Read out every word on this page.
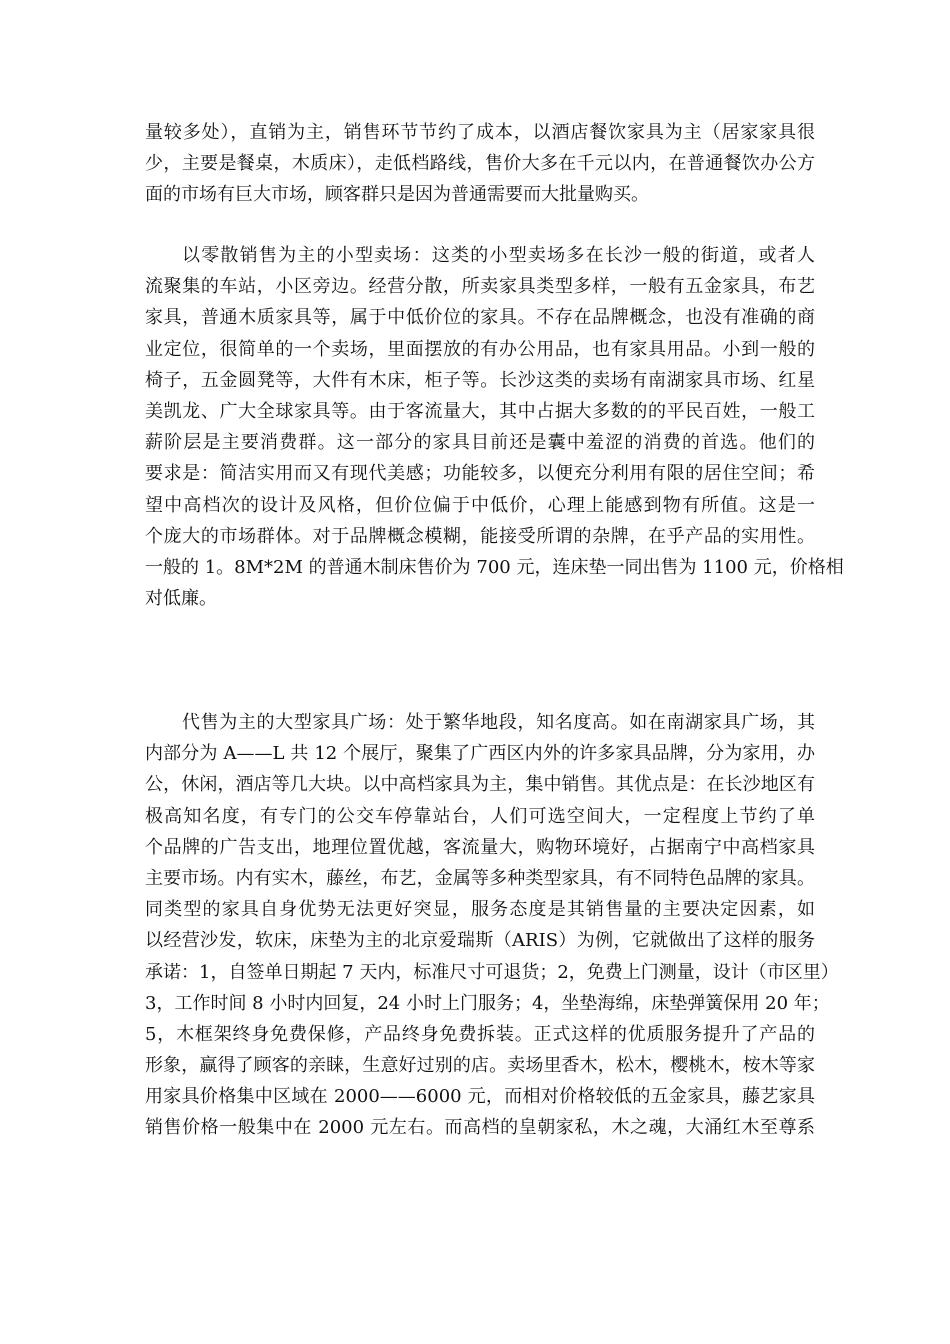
量较多处），直销为主，销售环节节约了成本，以酒店餐饮家具为主（居家家具很
少，主要是餐桌，木质床），走低档路线，售价大多在千元以内，在普通餐饮办公方
面的市场有巨大市场，顾客群只是因为普通需要而大批量购买。
以零散销售为主的小型卖场：这类的小型卖场多在长沙一般的街道，或者人
流聚集的车站，小区旁边。经营分散，所卖家具类型多样，一般有五金家具，布艺
家具，普通木质家具等，属于中低价位的家具。不存在品牌概念，也没有准确的商
业定位，很简单的一个卖场，里面摆放的有办公用品，也有家具用品。小到一般的
椅子，五金圆凳等，大件有木床，柜子等。长沙这类的卖场有南湖家具市场、红星
美凯龙、广大全球家具等。由于客流量大，其中占据大多数的的平民百姓，一般工
薪阶层是主要消费群。这一部分的家具目前还是囊中羞涩的消费的首选。他们的
要求是：简洁实用而又有现代美感；功能较多，以便充分利用有限的居住空间；希
望中高档次的设计及风格，但价位偏于中低价，心理上能感到物有所值。这是一
个庞大的市场群体。对于品牌概念模糊，能接受所谓的杂牌，在乎产品的实用性。
一般的 1。8M*2M 的普通木制床售价为 700 元，连床垫一同出售为 1100 元，价格相
对低廉。
代售为主的大型家具广场：处于繁华地段，知名度高。如在南湖家具广场，其
内部分为 A——L 共 12 个展厅，聚集了广西区内外的许多家具品牌，分为家用，办
公，休闲，酒店等几大块。以中高档家具为主，集中销售。其优点是：在长沙地区有
极高知名度，有专门的公交车停靠站台，人们可选空间大，一定程度上节约了单
个品牌的广告支出，地理位置优越，客流量大，购物环境好，占据南宁中高档家具
主要市场。内有实木，藤丝，布艺，金属等多种类型家具，有不同特色品牌的家具。
同类型的家具自身优势无法更好突显，服务态度是其销售量的主要决定因素，如
以经营沙发，软床，床垫为主的北京爱瑞斯（ARIS）为例，它就做出了这样的服务
承诺：1，自签单日期起 7 天内，标准尺寸可退货；2，免费上门测量，设计（市区里）
3，工作时间 8 小时内回复，24 小时上门服务；4，坐垫海绵，床垫弹簧保用 20 年；
5，木框架终身免费保修，产品终身免费拆装。正式这样的优质服务提升了产品的
形象，赢得了顾客的亲睐，生意好过别的店。卖场里香木，松木，樱桃木，桉木等家
用家具价格集中区域在 2000——6000 元，而相对价格较低的五金家具，藤艺家具
销售价格一般集中在 2000 元左右。而高档的皇朝家私，木之魂，大涌红木至尊系
